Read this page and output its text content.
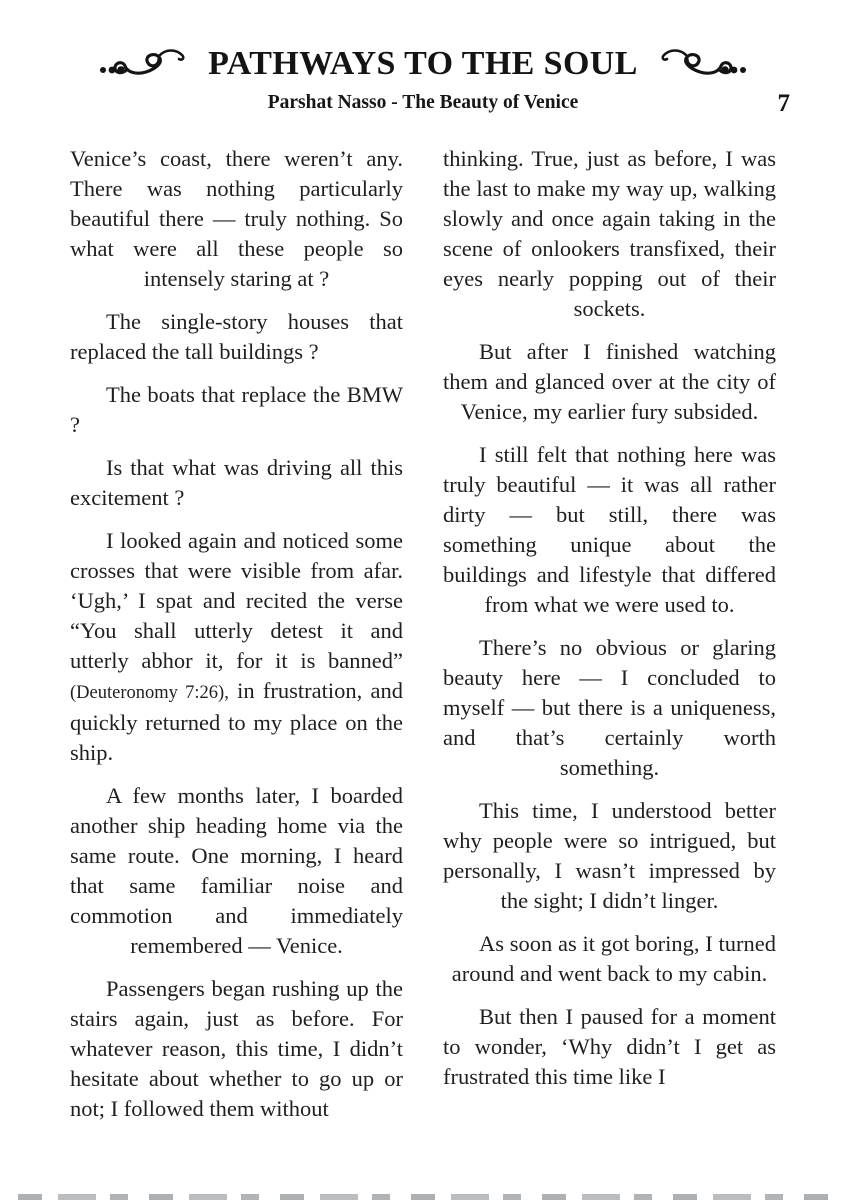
PATHWAYS TO THE SOUL
7
Parshat Nasso - The Beauty of Venice

Venice’s coast, there weren’t any. There was nothing particularly beautiful there — truly nothing. So what were all these people so intensely staring at ?

The single-story houses that replaced the tall buildings ?

The boats that replace the BMW ?

Is that what was driving all this excitement ?

I looked again and noticed some crosses that were visible from afar. ‘Ugh,’ I spat and recited the verse “You shall utterly detest it and utterly abhor it, for it is banned” (Deuteronomy 7:26), in frustration, and quickly returned to my place on the ship.

A few months later, I boarded another ship heading home via the same route. One morning, I heard that same familiar noise and commotion and immediately remembered — Venice.

Passengers began rushing up the stairs again, just as before. For whatever reason, this time, I didn’t hesitate about whether to go up or not; I followed them without

thinking. True, just as before, I was the last to make my way up, walking slowly and once again taking in the scene of onlookers transfixed, their eyes nearly popping out of their sockets.

But after I finished watching them and glanced over at the city of Venice, my earlier fury subsided.

I still felt that nothing here was truly beautiful — it was all rather dirty — but still, there was something unique about the buildings and lifestyle that differed from what we were used to.

There’s no obvious or glaring beauty here — I concluded to myself — but there is a uniqueness, and that’s certainly worth something.

This time, I understood better why people were so intrigued, but personally, I wasn’t impressed by the sight; I didn’t linger.

As soon as it got boring, I turned around and went back to my cabin.

But then I paused for a moment to wonder, ‘Why didn’t I get as frustrated this time like I
